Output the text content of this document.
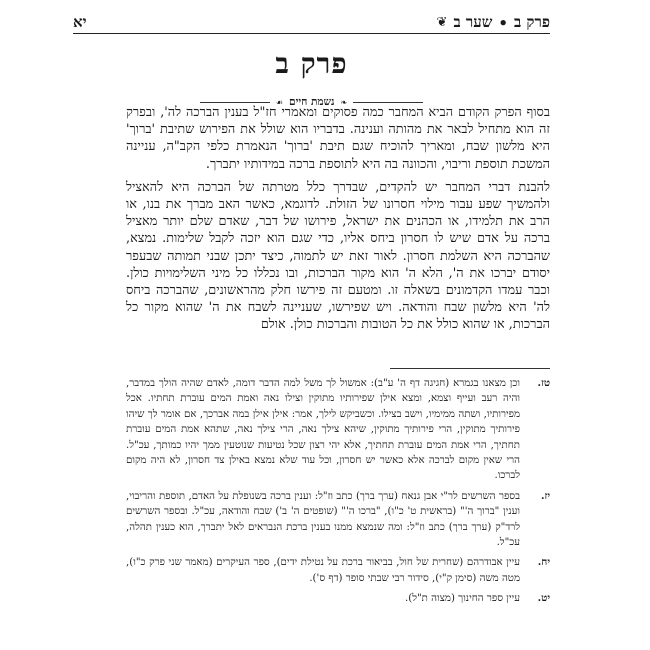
פרק ב
•
שער ב
❦
יא
פרק ב
❧
נשמת חיים
☙

בסוף הפרק הקודם הביא המחבר כמה פסוקים ומאמרי חז"ל בענין הברכה לה', ובפרק זה הוא מתחיל לבאר את מהותה וענינה. בדבריו הוא שולל את הפירוש שתיבת 'ברוך' היא מלשון שבח, ומאריך להוכיח שגם תיבת 'ברוך' הנאמרת כלפי הקב"ה, עניינה המשכת תוספת וריבוי, והכוונה בה היא לתוספת ברכה במידותיו יתברך.

להבנת דברי המחבר יש להקדים, שבדרך כלל מטרתה של הברכה היא להאציל ולהמשיך שפע עבור מילוי חסרונו של הזולת. לדוגמא, כאשר האב מברך את בנו, או הרב את תלמידו, או הכהנים את ישראל, פירושו של דבר, שאדם שלם יותר מאציל ברכה על אדם שיש לו חסרון ביחס אליו, כדי שגם הוא יזכה לקבל שלימות. נמצא, שהברכה היא השלמת חסרון. לאור זאת יש לתמוה, כיצד יתכן שבני תמותה שבעפר יסודם יברכו את ה', הלא ה' הוא מקור הברכות, ובו נכללו כל מיני השלימויות כולן. וכבר עמדו הקדמונים בשאלה זו. ומטעם זה פירשו חלק מהראשונים, שהברכה ביחס לה' היא מלשון שבח והודאה. ויש שפירשו, שעניינה לשבח את ה' שהוא מקור כל הברכות, או שהוא כולל את כל הטובות והברכות כולן. אולם

טז.
וכן מצאנו בגמרא (חגיגה דף ה' ע"ב): אמשול לך משל למה הדבר דומה, לאדם שהיה הולך במדבר, והיה רעב ועייף וצמא, ומצא אילן שפירותיו מתוקין וצילו נאה ואמת המים עוברת תחתיו. אכל מפירותיו, ושתה ממימיו, וישב בצילו. וכשביקש לילך, אמר: אילן אילן במה אברכך, אם אומר לך שיהו פירותיך מתוקין, הרי פירותיך מתוקין, שיהא צילך נאה, הרי צילך נאה, שתהא אמת המים עוברת תחתיך, הרי אמת המים עוברת תחתיך, אלא יהי רצון שכל נטיעות שנוטעין ממך יהיו כמותך, עכ"ל. הרי שאין מקום לברכה אלא כאשר יש חסרון, וכל עוד שלא נמצא באילן צד חסרון, לא היה מקום לברכו.
יז.
בספר השרשים לר"י אבן גנאח (ערך ברך) כתב וז"ל: וענין ברכה בשנופלת על האדם, תוספת והריבוי, וענין "ברוך ה'" (בראשית ט' כ"ו), "ברכו ה'" (שופטים ה' ב') שבח והודאה, עכ"ל. ובספר השרשים לרד"ק (ערך ברך) כתב וז"ל: ומה שנמצא ממנו בענין ברכת הנבראים לאל יתברך, הוא כענין תהלה, עכ"ל.
יח.
עיין אבודרהם (שחרית של חול, בביאור ברכת על נטילת ידים), ספר העיקרים (מאמר שני פרק כ"ו), מטה משה (סימן ק"י), סידור רבי שבתי סופר (דף ס').
יט.
עיין ספר החינוך (מצוה ת"ל).
